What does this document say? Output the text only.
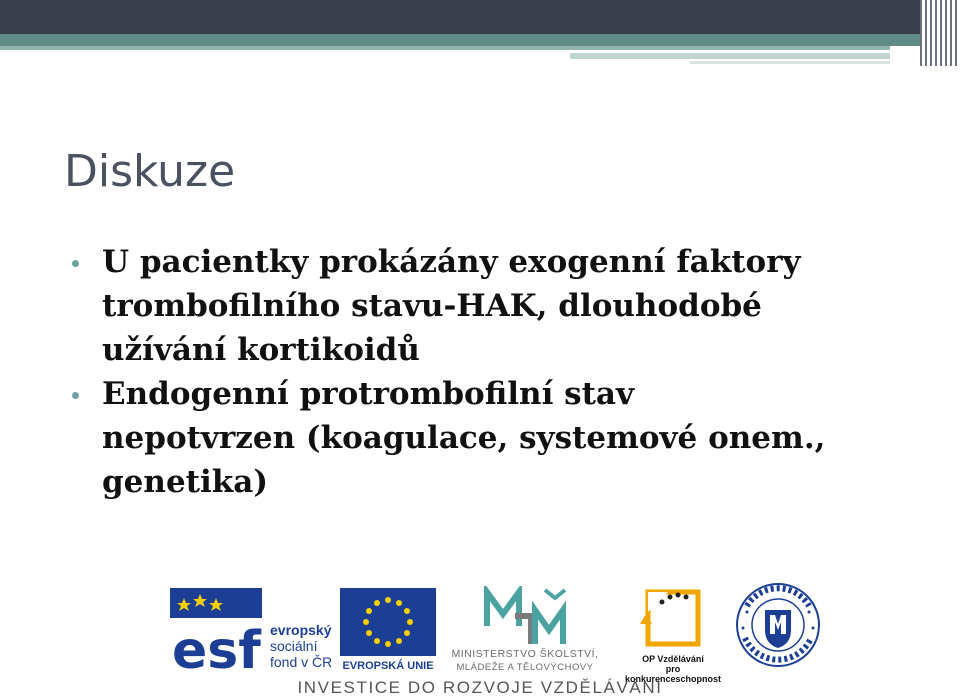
Diskuze
U pacientky prokázány exogenní faktory
trombofilního stavu-HAK, dlouhodobé
užívání kortikoidů
Endogenní protrombofilní stav
nepotvrzen (koagulace, systemové onem.,
genetika)
esf evropský
sociální
fond v ČR EVROPSKÁ UNIE
MINISTERSTVO ŠKOLSTVÍ,
MLÁDEŽE A TĚLOVÝCHOVY
OP Vzdělávání
pro konkurenceschopnost
INVESTICE DO ROZVOJE VZDĚLÁVÁNÍ
